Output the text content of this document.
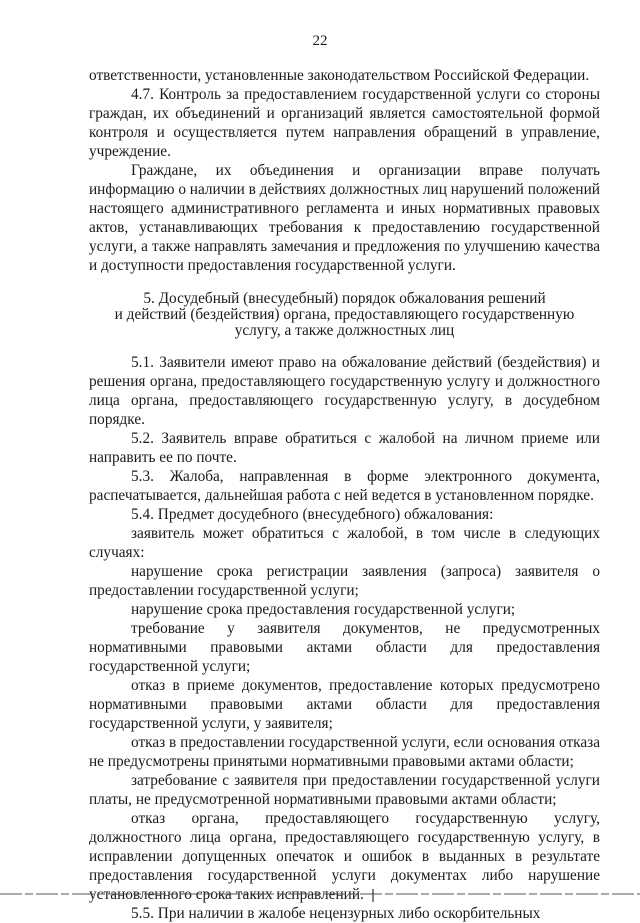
22

ответственности, установленные законодательством Российской Федерации.

4.7. Контроль за предоставлением государственной услуги со стороны граждан, их объединений и организаций является самостоятельной формой контроля и осуществляется путем направления обращений в управление, учреждение.

Граждане, их объединения и организации вправе получать информацию о наличии в действиях должностных лиц нарушений положений настоящего административного регламента и иных нормативных правовых актов, устанавливающих требования к предоставлению государственной услуги, а также направлять замечания и предложения по улучшению качества и доступности предоставления государственной услуги.

5. Досудебный (внесудебный) порядок обжалования решений
и действий (бездействия) органа, предоставляющего государственную
услугу, а также должностных лиц

5.1. Заявители имеют право на обжалование действий (бездействия) и решения органа, предоставляющего государственную услугу и должностного лица органа, предоставляющего государственную услугу, в досудебном порядке.

5.2. Заявитель вправе обратиться с жалобой на личном приеме или направить ее по почте.

5.3. Жалоба, направленная в форме электронного документа, распечатывается, дальнейшая работа с ней ведется в установленном порядке.

5.4. Предмет досудебного (внесудебного) обжалования:

заявитель может обратиться с жалобой, в том числе в следующих случаях:

нарушение срока регистрации заявления (запроса) заявителя о предоставлении государственной услуги;

нарушение срока предоставления государственной услуги;

требование у заявителя документов, не предусмотренных нормативными правовыми актами области для предоставления государственной услуги;

отказ в приеме документов, предоставление которых предусмотрено нормативными правовыми актами области для предоставления государственной услуги, у заявителя;

отказ в предоставлении государственной услуги, если основания отказа не предусмотрены принятыми нормативными правовыми актами области;

затребование с заявителя при предоставлении государственной услуги платы, не предусмотренной нормативными правовыми актами области;

отказ органа, предоставляющего государственную услугу, должностного лица органа, предоставляющего государственную услугу, в исправлении допущенных опечаток и ошибок в выданных в результате предоставления государственной услуги документах либо нарушение установленного срока таких исправлений.

5.5. При наличии в жалобе нецензурных либо оскорбительных
